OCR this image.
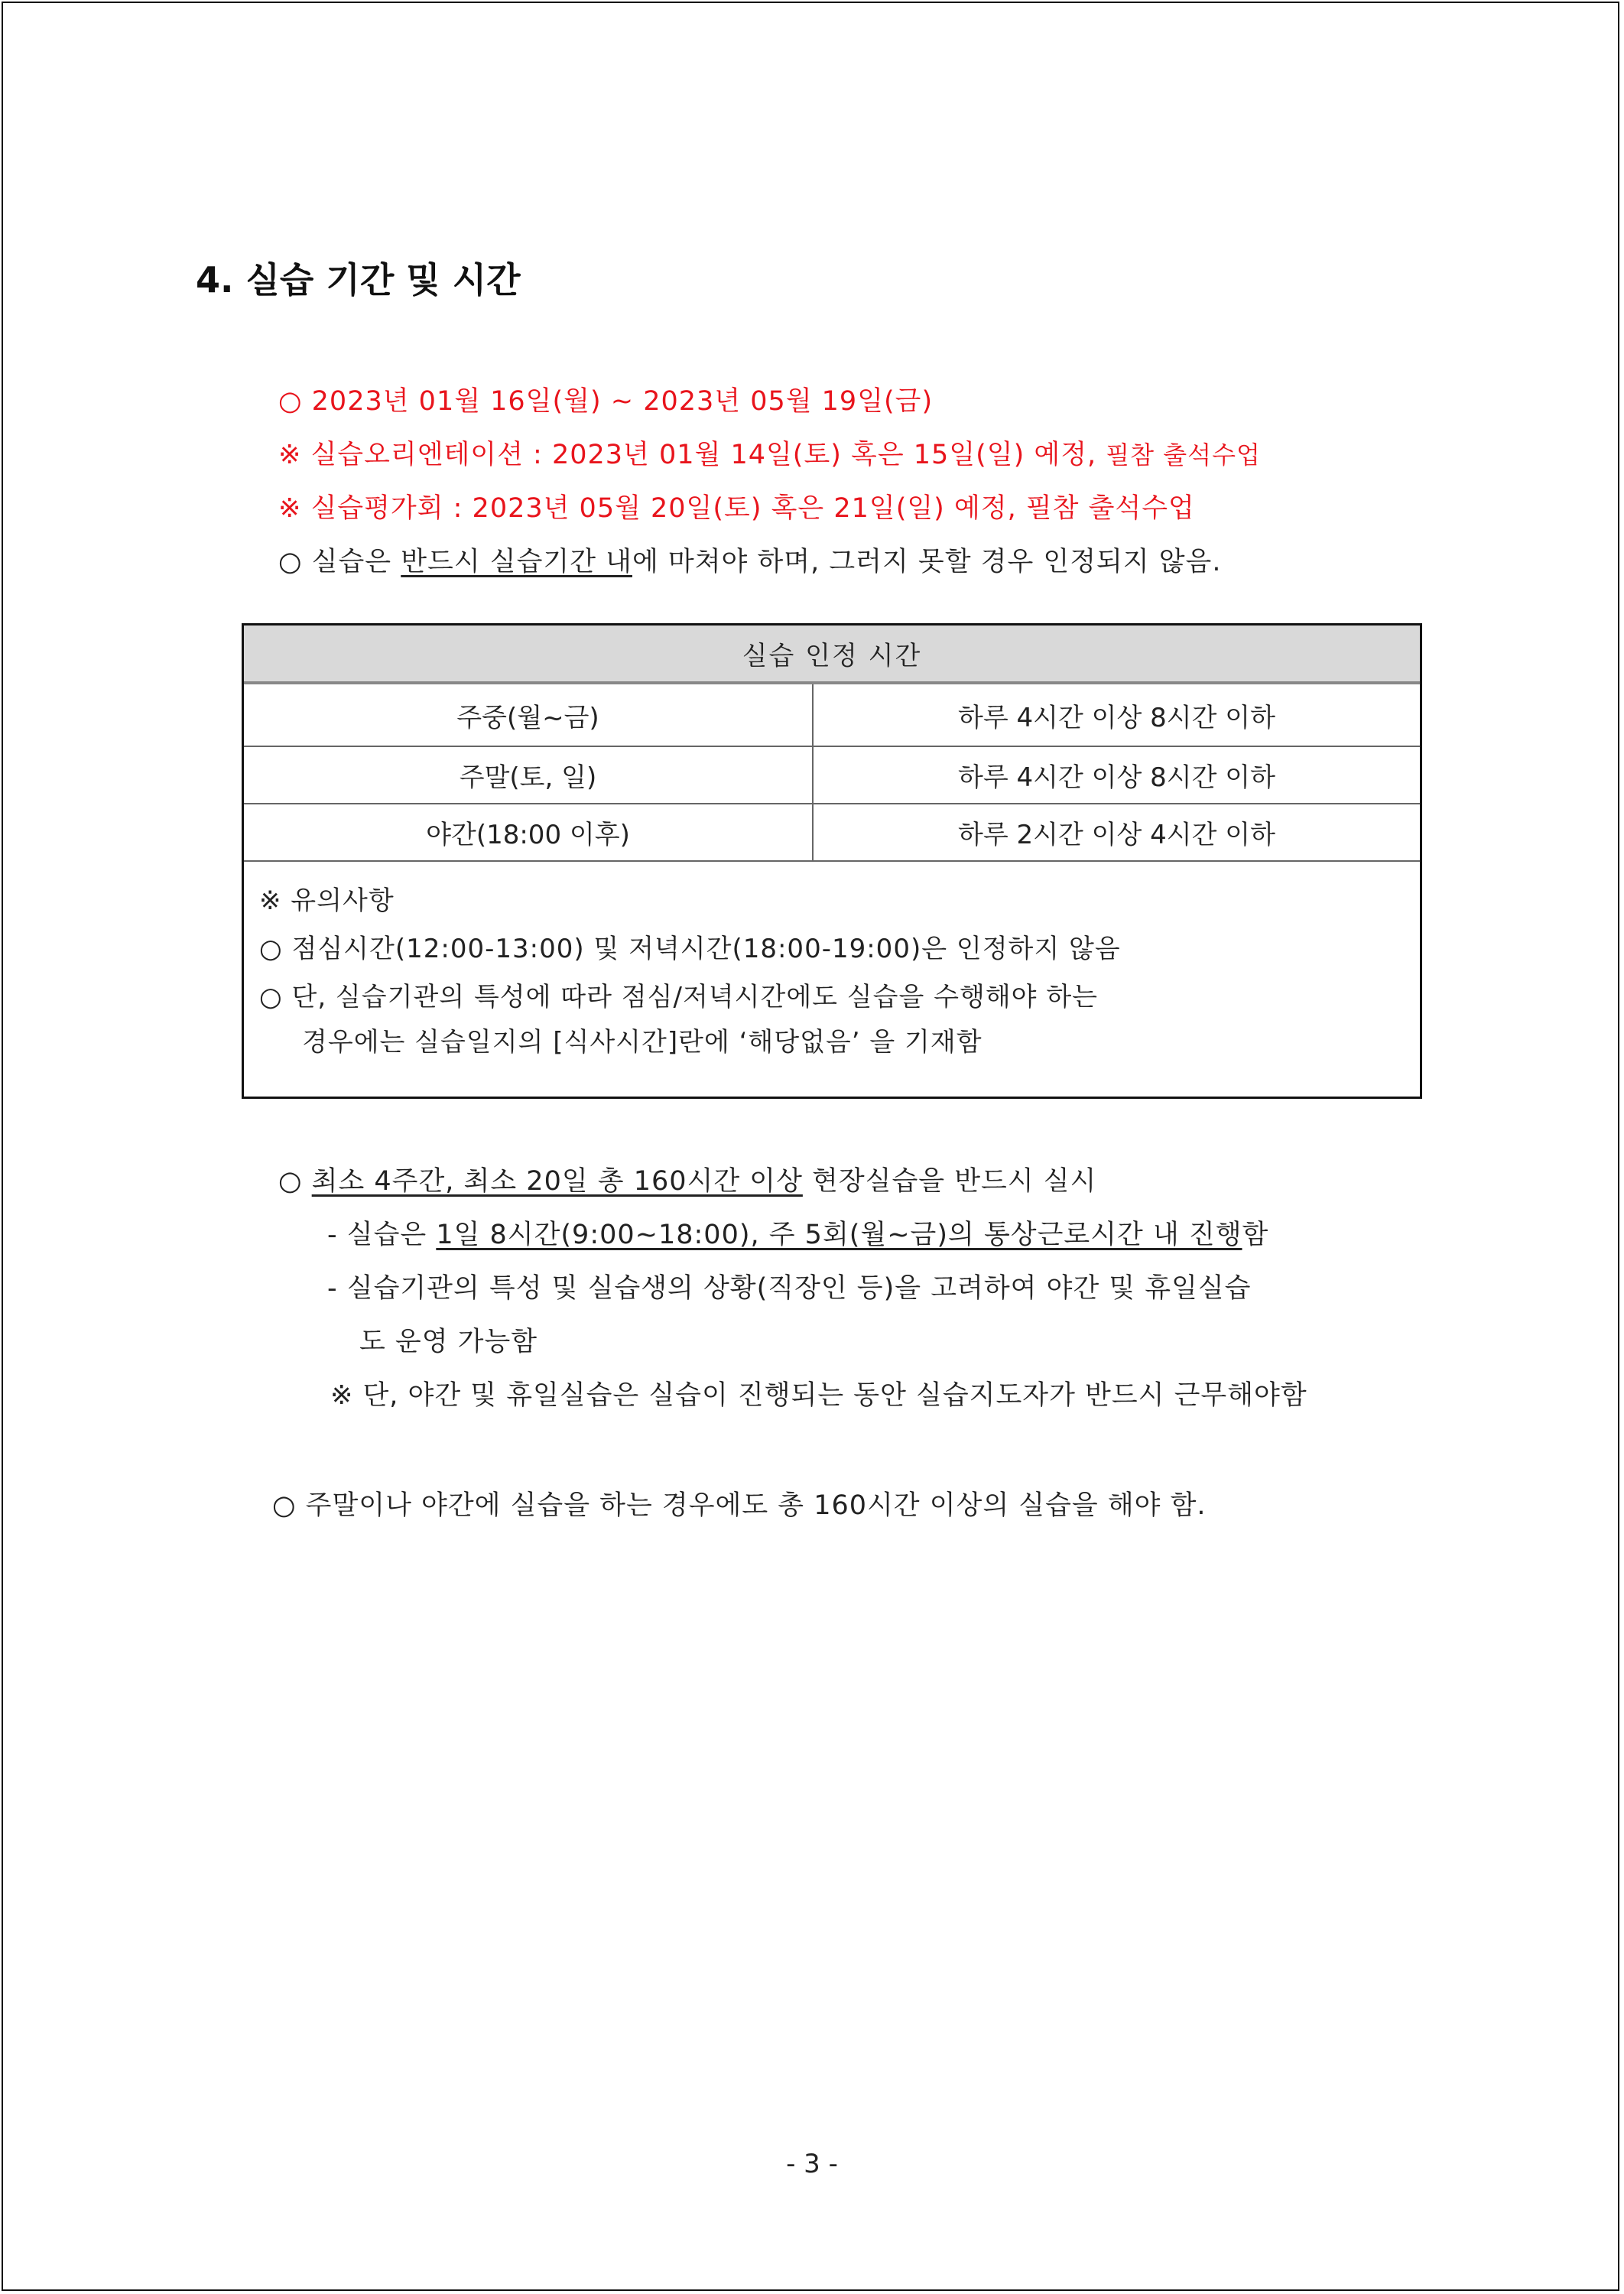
4. 실습 기간 및 시간
○ 2023년 01월 16일(월) ~ 2023년 05월 19일(금)
※ 실습오리엔테이션 : 2023년 01월 14일(토) 혹은 15일(일) 예정, 필참 출석수업
※ 실습평가회 : 2023년 05월 20일(토) 혹은 21일(일) 예정, 필참 출석수업
○ 실습은 반드시 실습기간 내에 마쳐야 하며, 그러지 못할 경우 인정되지 않음.
실습 인정 시간
주중(월~금)	하루 4시간 이상 8시간 이하
주말(토, 일)	하루 4시간 이상 8시간 이하
야간(18:00 이후)	하루 2시간 이상 4시간 이하
※ 유의사항
○ 점심시간(12:00-13:00) 및 저녁시간(18:00-19:00)은 인정하지 않음
○ 단, 실습기관의 특성에 따라 점심/저녁시간에도 실습을 수행해야 하는
경우에는 실습일지의 [식사시간]란에 ‘해당없음’ 을 기재함
○ 최소 4주간, 최소 20일 총 160시간 이상 현장실습을 반드시 실시
- 실습은 1일 8시간(9:00~18:00), 주 5회(월~금)의 통상근로시간 내 진행함
- 실습기관의 특성 및 실습생의 상황(직장인 등)을 고려하여 야간 및 휴일실습
도 운영 가능함
※ 단, 야간 및 휴일실습은 실습이 진행되는 동안 실습지도자가 반드시 근무해야함
○ 주말이나 야간에 실습을 하는 경우에도 총 160시간 이상의 실습을 해야 함.
- 3 -
